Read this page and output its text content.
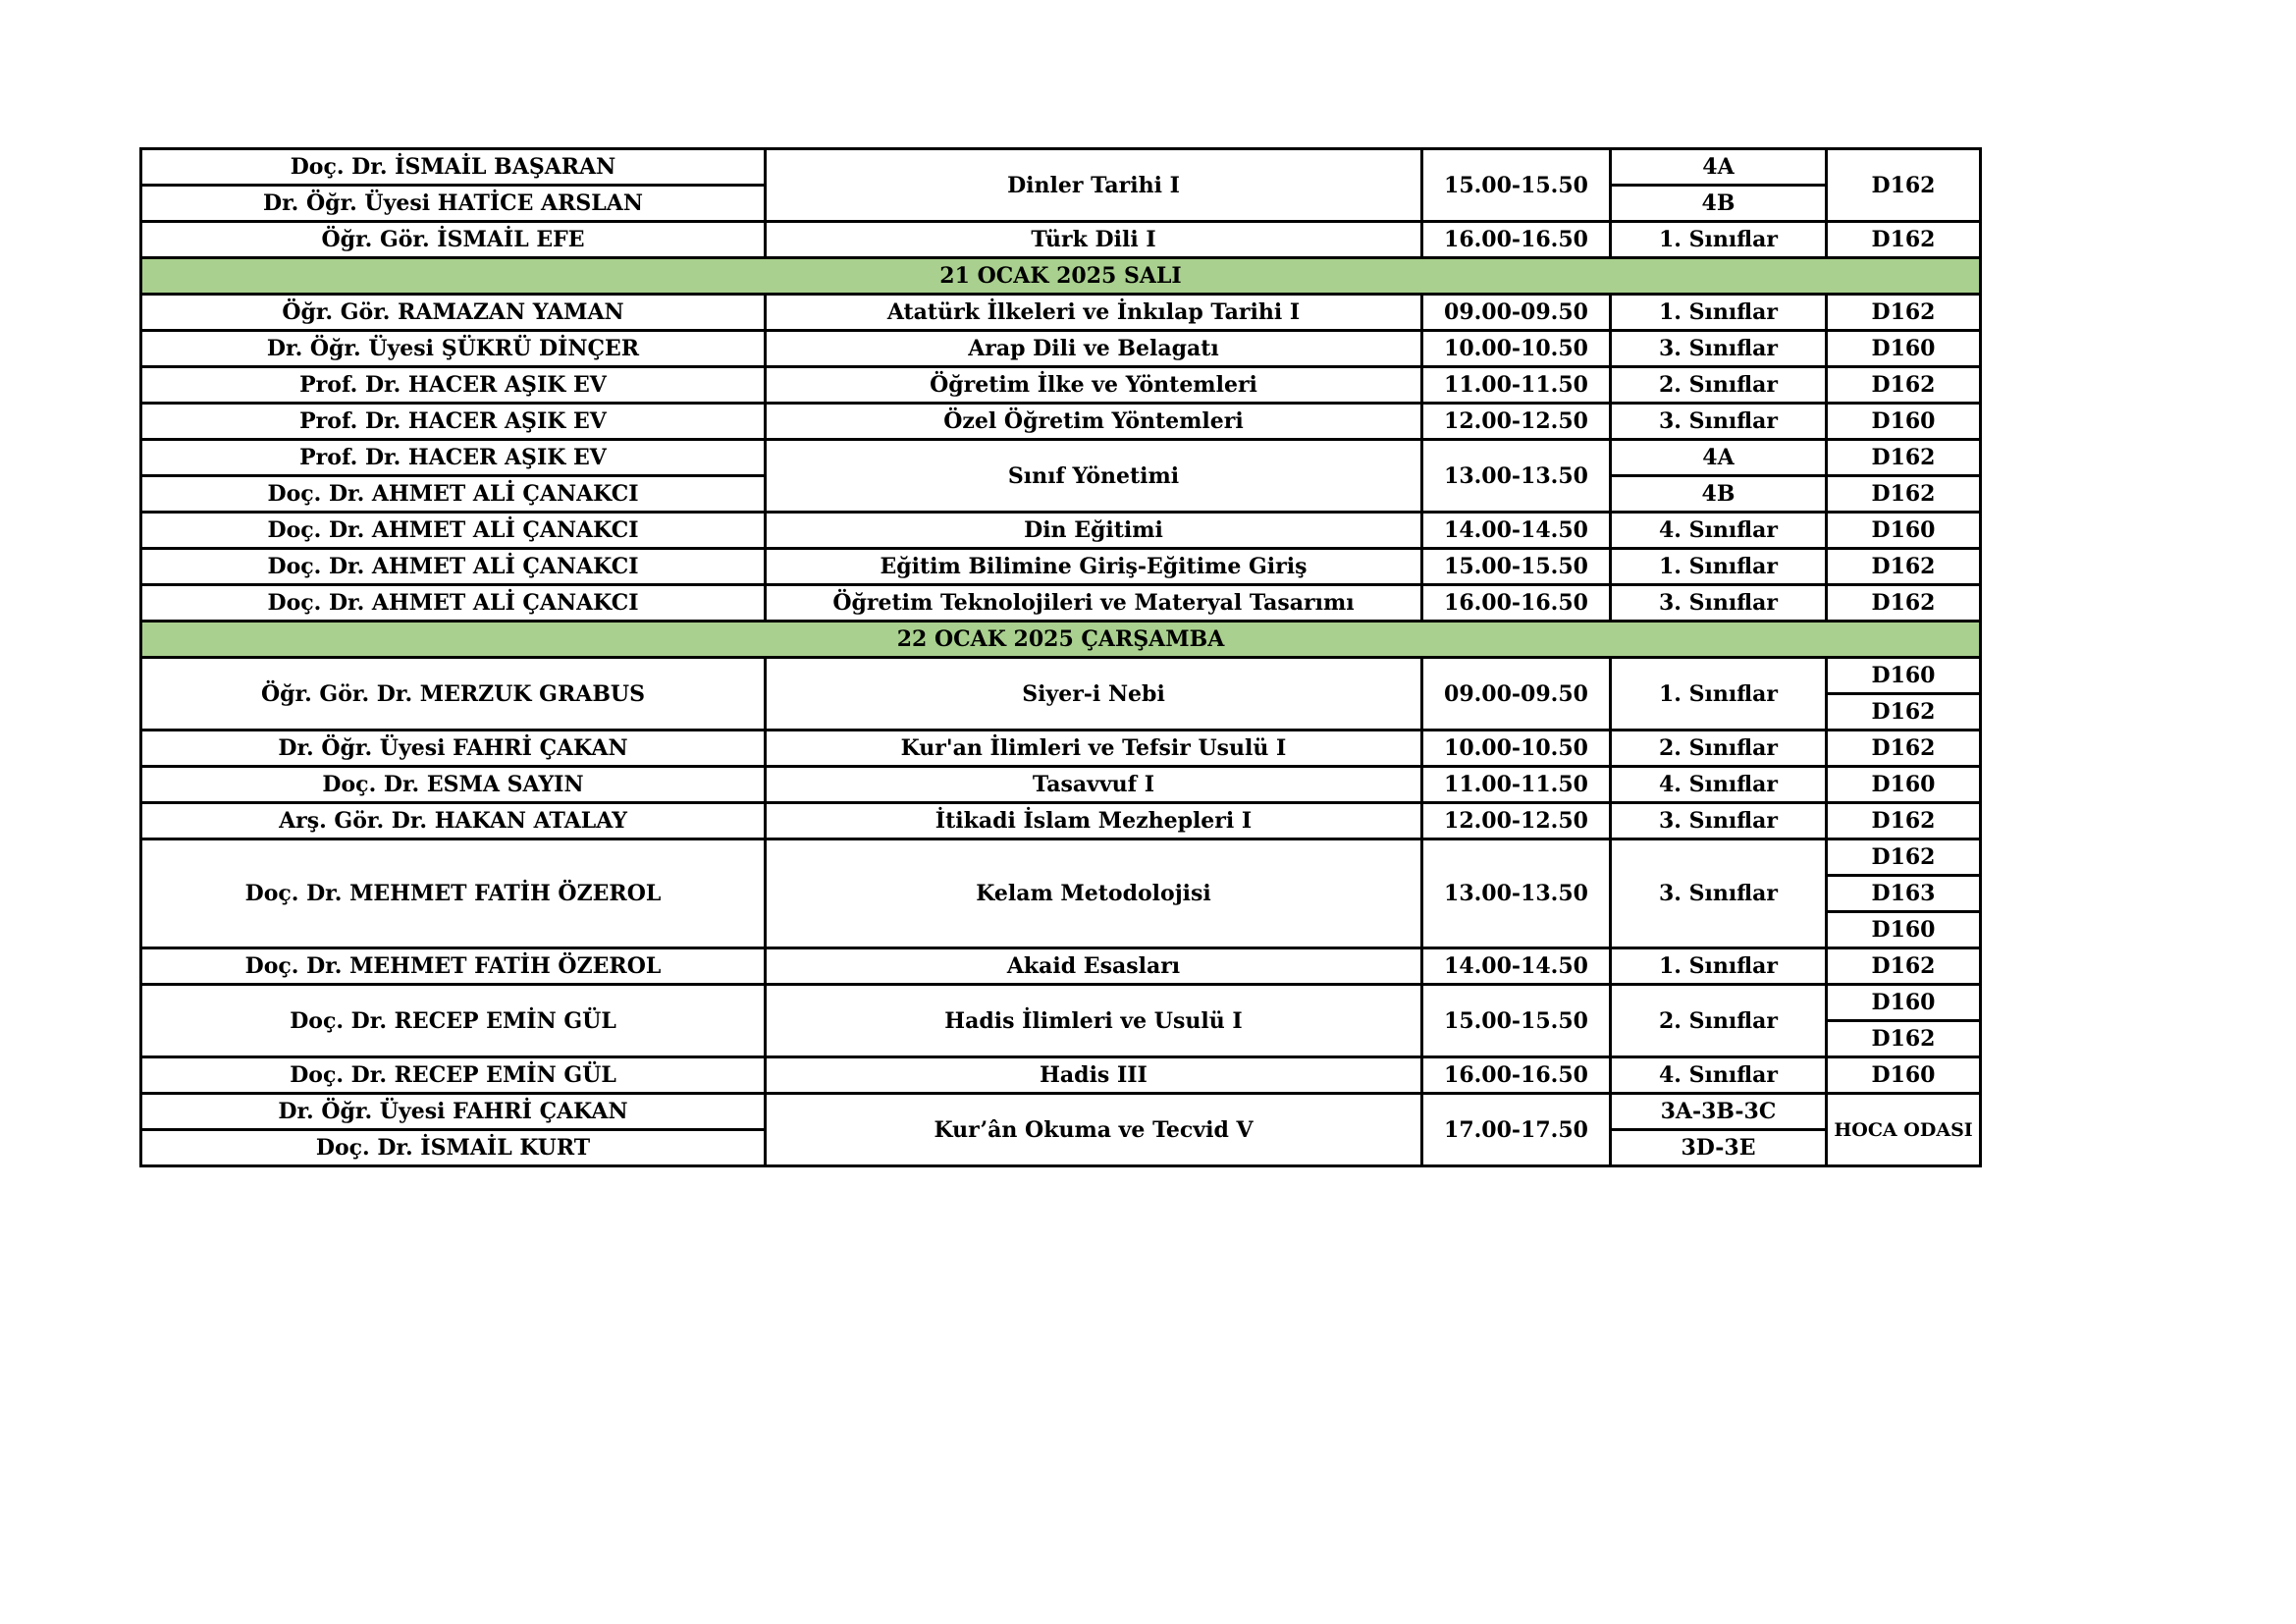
Doç. Dr. İSMAİL BAŞARAN	Dinler Tarihi I	15.00-15.50	4A	D162
Dr. Öğr. Üyesi HATİCE ARSLAN			4B	
Öğr. Gör. İSMAİL EFE	Türk Dili I	16.00-16.50	1. Sınıflar	D162
21 OCAK 2025 SALI				
Öğr. Gör. RAMAZAN YAMAN	Atatürk İlkeleri ve İnkılap Tarihi I	09.00-09.50	1. Sınıflar	D162
Dr. Öğr. Üyesi ŞÜKRÜ DİNÇER	Arap Dili ve Belagatı	10.00-10.50	3. Sınıflar	D160
Prof. Dr. HACER AŞIK EV	Öğretim İlke ve Yöntemleri	11.00-11.50	2. Sınıflar	D162
Prof. Dr. HACER AŞIK EV	Özel Öğretim Yöntemleri	12.00-12.50	3. Sınıflar	D160
Prof. Dr. HACER AŞIK EV	Sınıf Yönetimi	13.00-13.50	4A	D162
Doç. Dr. AHMET ALİ ÇANAKCI			4B	D162
Doç. Dr. AHMET ALİ ÇANAKCI	Din Eğitimi	14.00-14.50	4. Sınıflar	D160
Doç. Dr. AHMET ALİ ÇANAKCI	Eğitim Bilimine Giriş-Eğitime Giriş	15.00-15.50	1. Sınıflar	D162
Doç. Dr. AHMET ALİ ÇANAKCI	Öğretim Teknolojileri ve Materyal Tasarımı	16.00-16.50	3. Sınıflar	D162
22 OCAK 2025 ÇARŞAMBA				
Öğr. Gör. Dr. MERZUK GRABUS	Siyer-i Nebi	09.00-09.50	1. Sınıflar	D160
				D162
Dr. Öğr. Üyesi FAHRİ ÇAKAN	Kur'an İlimleri ve Tefsir Usulü I	10.00-10.50	2. Sınıflar	D162
Doç. Dr. ESMA SAYIN	Tasavvuf I	11.00-11.50	4. Sınıflar	D160
Arş. Gör. Dr. HAKAN ATALAY	İtikadi İslam Mezhepleri I	12.00-12.50	3. Sınıflar	D162
Doç. Dr. MEHMET FATİH ÖZEROL	Kelam Metodolojisi	13.00-13.50	3. Sınıflar	D162
				D163
				D160
Doç. Dr. MEHMET FATİH ÖZEROL	Akaid Esasları	14.00-14.50	1. Sınıflar	D162
Doç. Dr. RECEP EMİN GÜL	Hadis İlimleri ve Usulü I	15.00-15.50	2. Sınıflar	D160
				D162
Doç. Dr. RECEP EMİN GÜL	Hadis III	16.00-16.50	4. Sınıflar	D160
Dr. Öğr. Üyesi FAHRİ ÇAKAN	Kur’ân Okuma ve Tecvid V	17.00-17.50	3A-3B-3C	HOCA ODASI
Doç. Dr. İSMAİL KURT			3D-3E	
